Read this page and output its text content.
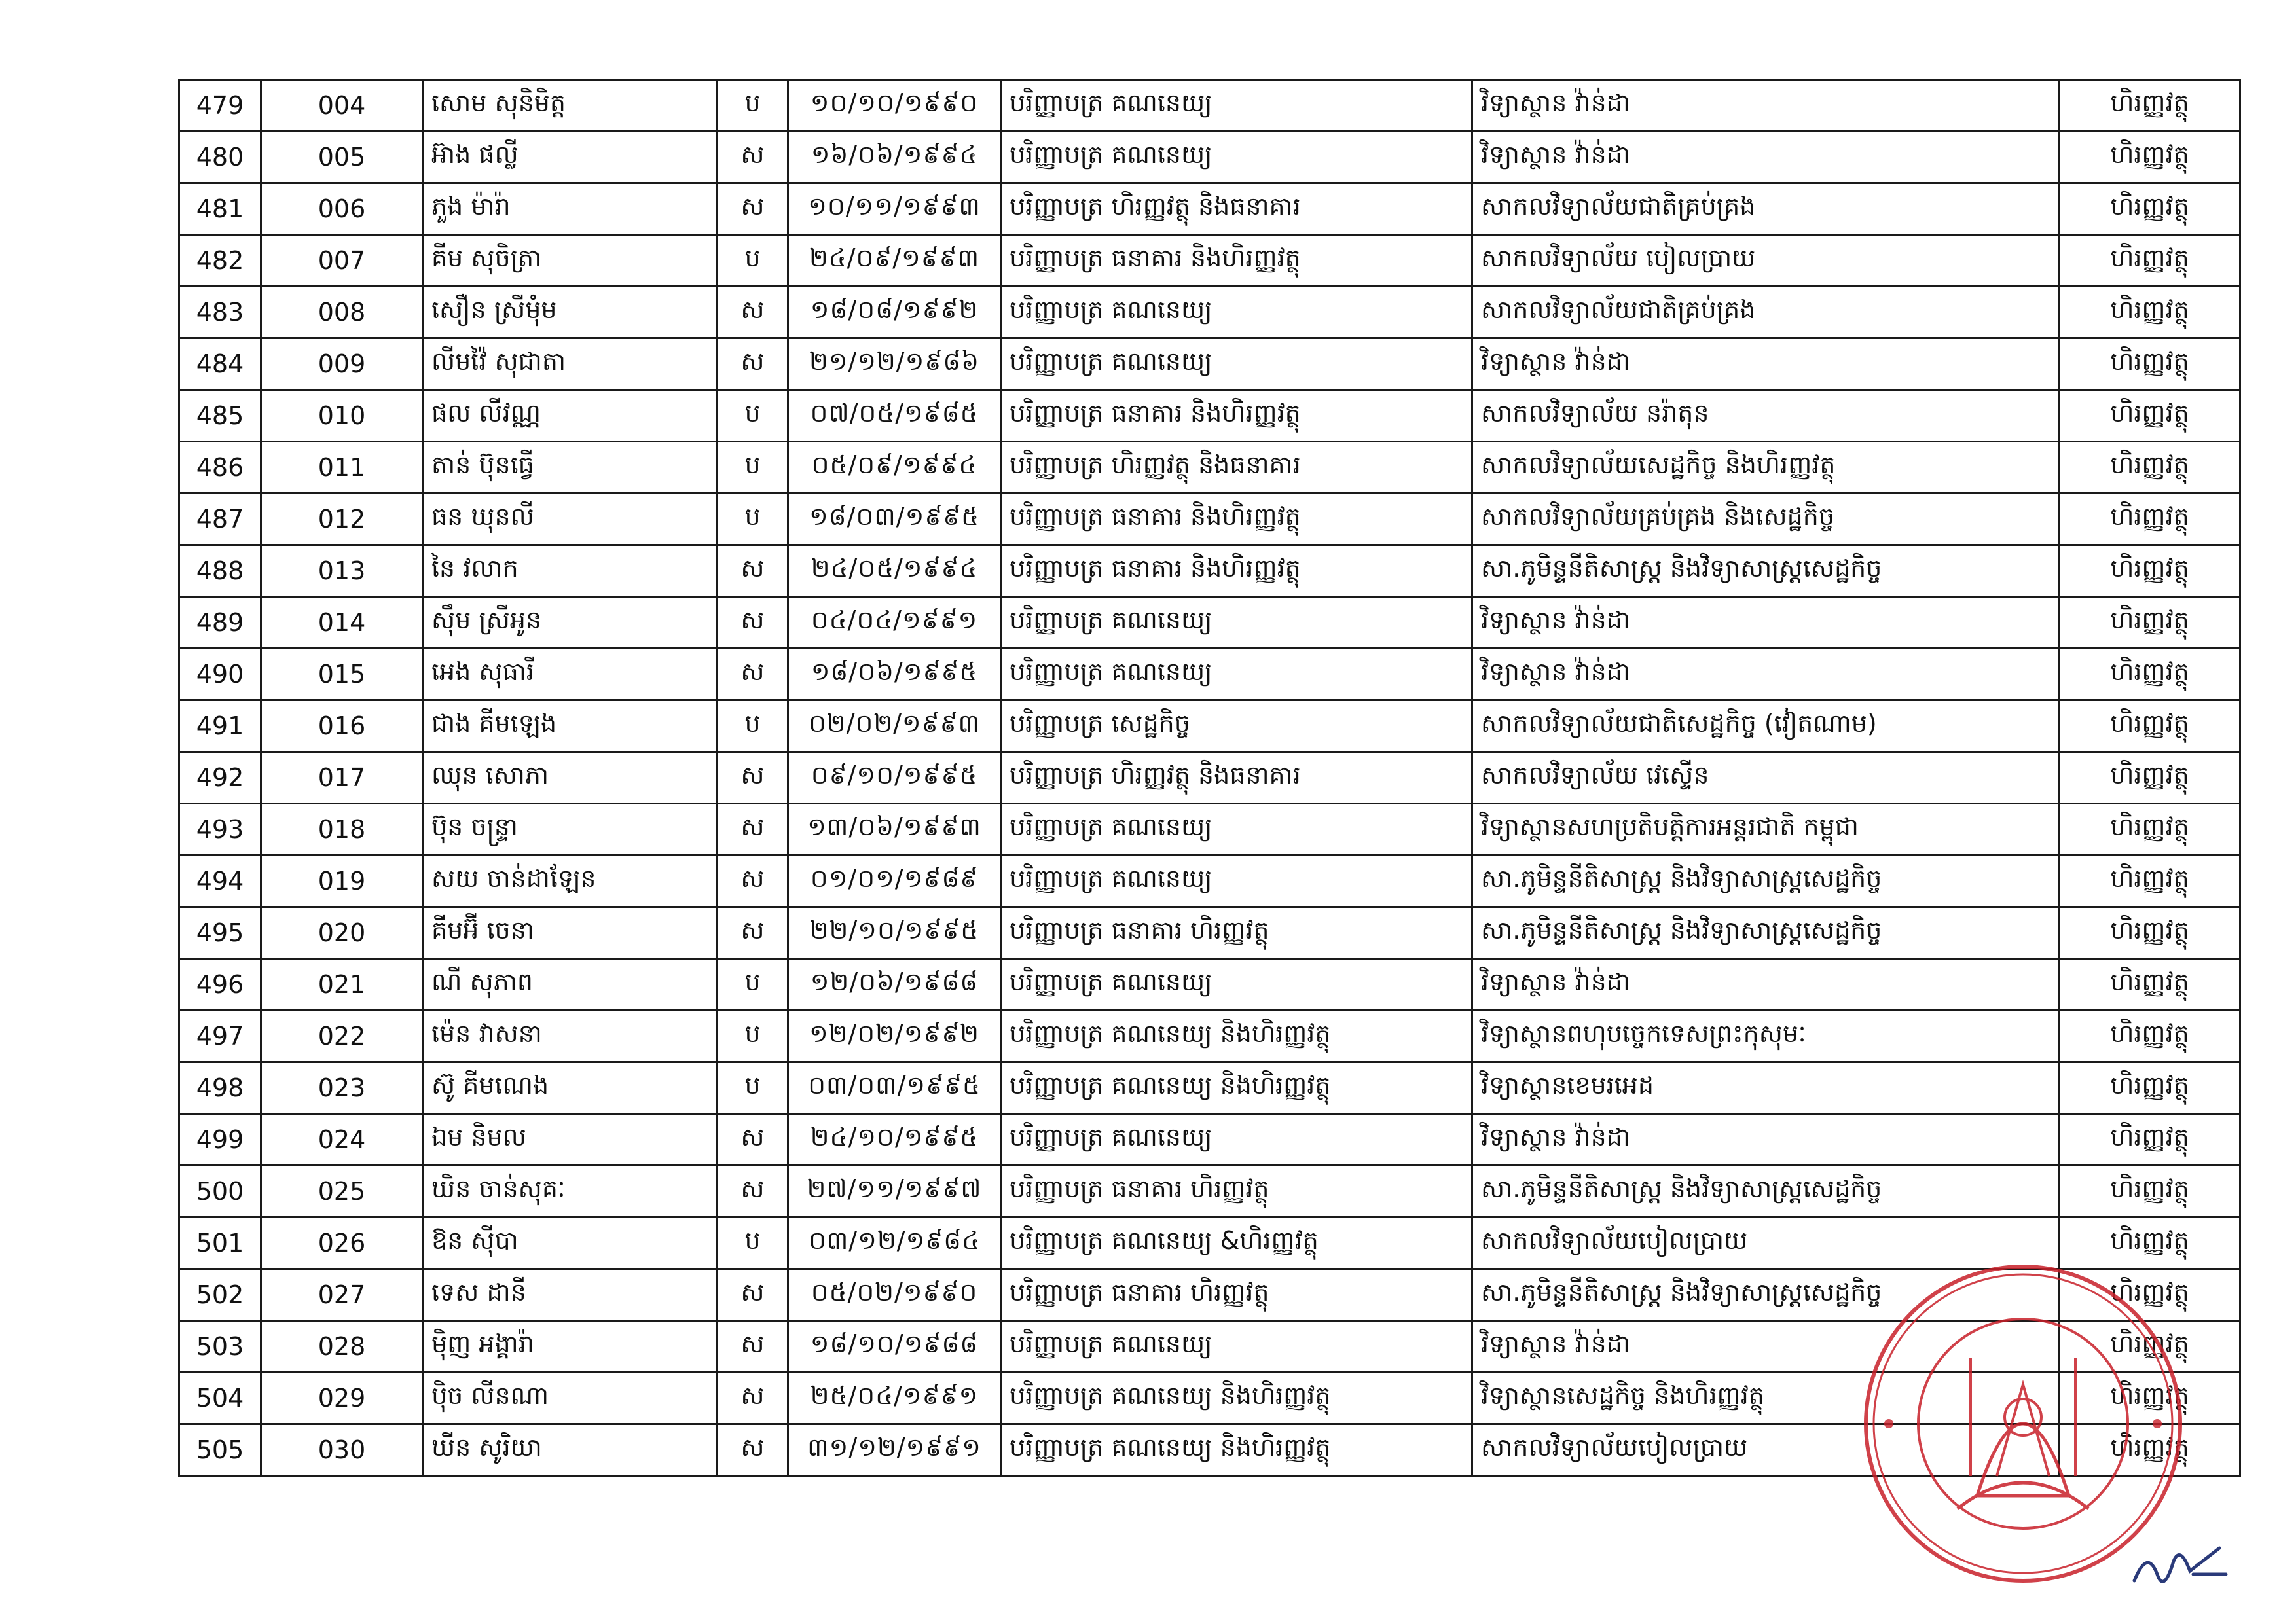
479	004	សោម សុនិមិត្ត	ប	១០/១០/១៩៩០	បរិញ្ញាបត្រ គណនេយ្យ	វិទ្យាស្ថាន វ៉ាន់ដា	ហិរញ្ញវត្ថុ
480	005	អ៊ាង ផល្លី	ស	១៦/០៦/១៩៩៤	បរិញ្ញាបត្រ គណនេយ្យ	វិទ្យាស្ថាន វ៉ាន់ដា	ហិរញ្ញវត្ថុ
481	006	ភួង ម៉ារ៉ា	ស	១០/១១/១៩៩៣	បរិញ្ញាបត្រ ហិរញ្ញវត្ថុ និងធនាគារ	សាកលវិទ្យាល័យជាតិគ្រប់គ្រង	ហិរញ្ញវត្ថុ
482	007	គីម សុចិត្រា	ប	២៤/០៩/១៩៩៣	បរិញ្ញាបត្រ ធនាគារ និងហិរញ្ញវត្ថុ	សាកលវិទ្យាល័យ បៀលប្រាយ	ហិរញ្ញវត្ថុ
483	008	សឿន ស្រីមុំម	ស	១៨/០៨/១៩៩២	បរិញ្ញាបត្រ គណនេយ្យ	សាកលវិទ្យាល័យជាតិគ្រប់គ្រង	ហិរញ្ញវត្ថុ
484	009	លីមវ៉ៃ សុជាតា	ស	២១/១២/១៩៨៦	បរិញ្ញាបត្រ គណនេយ្យ	វិទ្យាស្ថាន វ៉ាន់ដា	ហិរញ្ញវត្ថុ
485	010	ផល លីវណ្ណ	ប	០៧/០៥/១៩៨៥	បរិញ្ញាបត្រ ធនាគារ និងហិរញ្ញវត្ថុ	សាកលវិទ្យាល័យ នរ៉ាតុន	ហិរញ្ញវត្ថុ
486	011	តាន់ ប៊ុនធ្វើ	ប	០៥/០៩/១៩៩៤	បរិញ្ញាបត្រ ហិរញ្ញវត្ថុ និងធនាគារ	សាកលវិទ្យាល័យសេដ្ឋកិច្ច និងហិរញ្ញវត្ថុ	ហិរញ្ញវត្ថុ
487	012	ធន ឃុនលី	ប	១៨/០៣/១៩៩៥	បរិញ្ញាបត្រ ធនាគារ និងហិរញ្ញវត្ថុ	សាកលវិទ្យាល័យគ្រប់គ្រង និងសេដ្ឋកិច្ច	ហិរញ្ញវត្ថុ
488	013	នៃ វលាក	ស	២៤/០៥/១៩៩៤	បរិញ្ញាបត្រ ធនាគារ និងហិរញ្ញវត្ថុ	សា.ភូមិន្ទនីតិសាស្ត្រ និងវិទ្យាសាស្ត្រសេដ្ឋកិច្ច	ហិរញ្ញវត្ថុ
489	014	ស៊ឹម ស្រីអូន	ស	០៤/០៤/១៩៩១	បរិញ្ញាបត្រ គណនេយ្យ	វិទ្យាស្ថាន វ៉ាន់ដា	ហិរញ្ញវត្ថុ
490	015	អេង សុធារី	ស	១៨/០៦/១៩៩៥	បរិញ្ញាបត្រ គណនេយ្យ	វិទ្យាស្ថាន វ៉ាន់ដា	ហិរញ្ញវត្ថុ
491	016	ជាង គីមឡេង	ប	០២/០២/១៩៩៣	បរិញ្ញាបត្រ សេដ្ឋកិច្ច	សាកលវិទ្យាល័យជាតិសេដ្ឋកិច្ច (វៀតណាម)	ហិរញ្ញវត្ថុ
492	017	ឈុន សោភា	ស	០៩/១០/១៩៩៥	បរិញ្ញាបត្រ ហិរញ្ញវត្ថុ និងធនាគារ	សាកលវិទ្យាល័យ វេស្ទើន	ហិរញ្ញវត្ថុ
493	018	ប៊ុន ចន្ទ្រា	ស	១៣/០៦/១៩៩៣	បរិញ្ញាបត្រ គណនេយ្យ	វិទ្យាស្ថានសហប្រតិបត្តិការអន្តរជាតិ កម្ពុជា	ហិរញ្ញវត្ថុ
494	019	សយ ចាន់ដាឡែន	ស	០១/០១/១៩៨៩	បរិញ្ញាបត្រ គណនេយ្យ	សា.ភូមិន្ទនីតិសាស្ត្រ និងវិទ្យាសាស្ត្រសេដ្ឋកិច្ច	ហិរញ្ញវត្ថុ
495	020	គីមអ៊ី ចេនា	ស	២២/១០/១៩៩៥	បរិញ្ញាបត្រ ធនាគារ ហិរញ្ញវត្ថុ	សា.ភូមិន្ទនីតិសាស្ត្រ និងវិទ្យាសាស្ត្រសេដ្ឋកិច្ច	ហិរញ្ញវត្ថុ
496	021	ណី សុភាព	ប	១២/០៦/១៩៨៨	បរិញ្ញាបត្រ គណនេយ្យ	វិទ្យាស្ថាន វ៉ាន់ដា	ហិរញ្ញវត្ថុ
497	022	ម៉េន វាសនា	ប	១២/០២/១៩៩២	បរិញ្ញាបត្រ គណនេយ្យ និងហិរញ្ញវត្ថុ	វិទ្យាស្ថានពហុបច្ចេកទេសព្រះកុសុមៈ	ហិរញ្ញវត្ថុ
498	023	ស៊ូ គីមណេង	ប	០៣/០៣/១៩៩៥	បរិញ្ញាបត្រ គណនេយ្យ និងហិរញ្ញវត្ថុ	វិទ្យាស្ថានខេមរអេដ	ហិរញ្ញវត្ថុ
499	024	ឯម និមល	ស	២៤/១០/១៩៩៥	បរិញ្ញាបត្រ គណនេយ្យ	វិទ្យាស្ថាន វ៉ាន់ដា	ហិរញ្ញវត្ថុ
500	025	ឃិន ចាន់សុគៈ	ស	២៧/១១/១៩៩៧	បរិញ្ញាបត្រ ធនាគារ ហិរញ្ញវត្ថុ	សា.ភូមិន្ទនីតិសាស្ត្រ និងវិទ្យាសាស្ត្រសេដ្ឋកិច្ច	ហិរញ្ញវត្ថុ
501	026	ឱន ស៊ីបា	ប	០៣/១២/១៩៨៤	បរិញ្ញាបត្រ គណនេយ្យ &ហិរញ្ញវត្ថុ	សាកលវិទ្យាល័យបៀលប្រាយ	ហិរញ្ញវត្ថុ
502	027	ទេស ដានី	ស	០៥/០២/១៩៩០	បរិញ្ញាបត្រ ធនាគារ ហិរញ្ញវត្ថុ	សា.ភូមិន្ទនីតិសាស្ត្រ និងវិទ្យាសាស្ត្រសេដ្ឋកិច្ច	ហិរញ្ញវត្ថុ
503	028	ម៉ិញ អង្គារ៉ា	ស	១៨/១០/១៩៨៨	បរិញ្ញាបត្រ គណនេយ្យ	វិទ្យាស្ថាន វ៉ាន់ដា	ហិរញ្ញវត្ថុ
504	029	ប៉ិច លីនណា	ស	២៥/០៤/១៩៩១	បរិញ្ញាបត្រ គណនេយ្យ និងហិរញ្ញវត្ថុ	វិទ្យាស្ថានសេដ្ឋកិច្ច និងហិរញ្ញវត្ថុ	ហិរញ្ញវត្ថុ
505	030	ឃីន សូរិយា	ស	៣១/១២/១៩៩១	បរិញ្ញាបត្រ គណនេយ្យ និងហិរញ្ញវត្ថុ	សាកលវិទ្យាល័យបៀលប្រាយ	ហិរញ្ញវត្ថុ
